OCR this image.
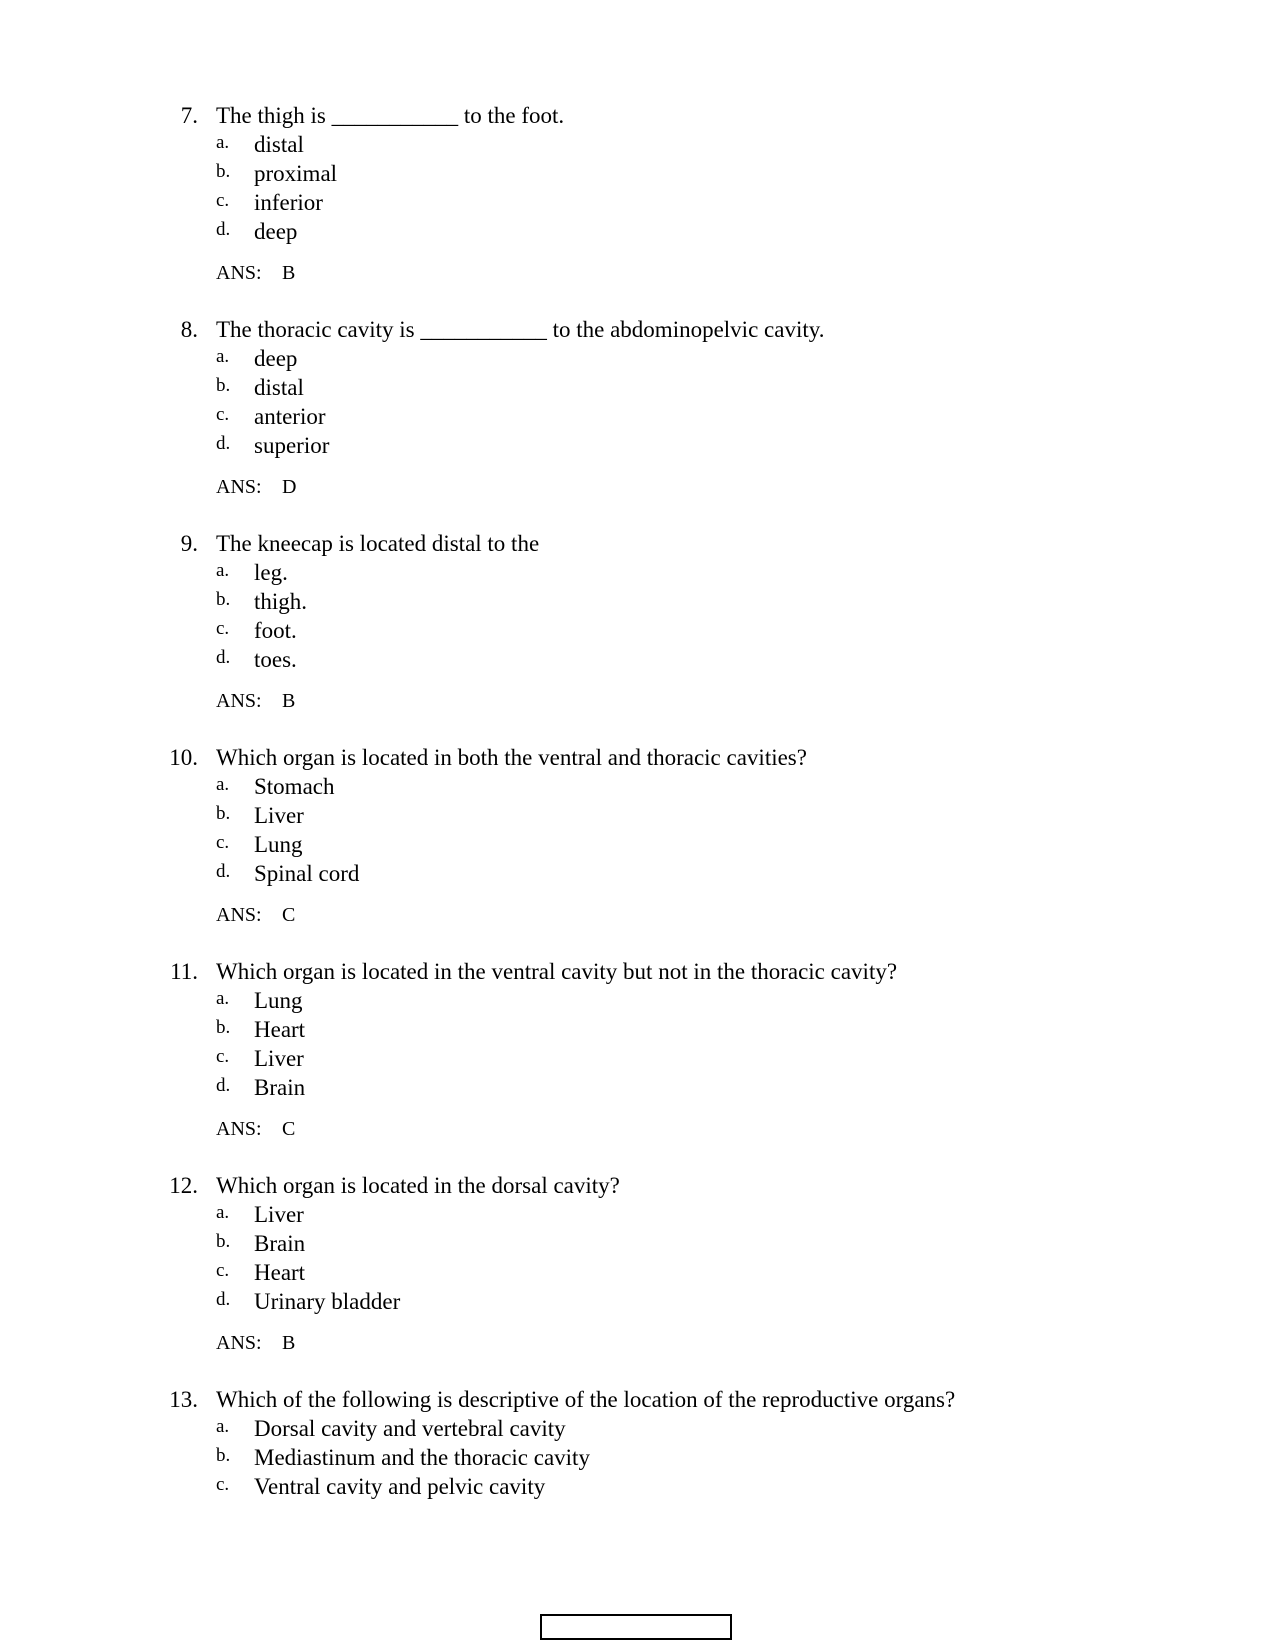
7. The thigh is ___________ to the foot.
a. distal
b. proximal
c. inferior
d. deep
ANS: B
8. The thoracic cavity is ___________ to the abdominopelvic cavity.
a. deep
b. distal
c. anterior
d. superior
ANS: D
9. The kneecap is located distal to the
a. leg.
b. thigh.
c. foot.
d. toes.
ANS: B
10. Which organ is located in both the ventral and thoracic cavities?
a. Stomach
b. Liver
c. Lung
d. Spinal cord
ANS: C
11. Which organ is located in the ventral cavity but not in the thoracic cavity?
a. Lung
b. Heart
c. Liver
d. Brain
ANS: C
12. Which organ is located in the dorsal cavity?
a. Liver
b. Brain
c. Heart
d. Urinary bladder
ANS: B
13. Which of the following is descriptive of the location of the reproductive organs?
a. Dorsal cavity and vertebral cavity
b. Mediastinum and the thoracic cavity
c. Ventral cavity and pelvic cavity
